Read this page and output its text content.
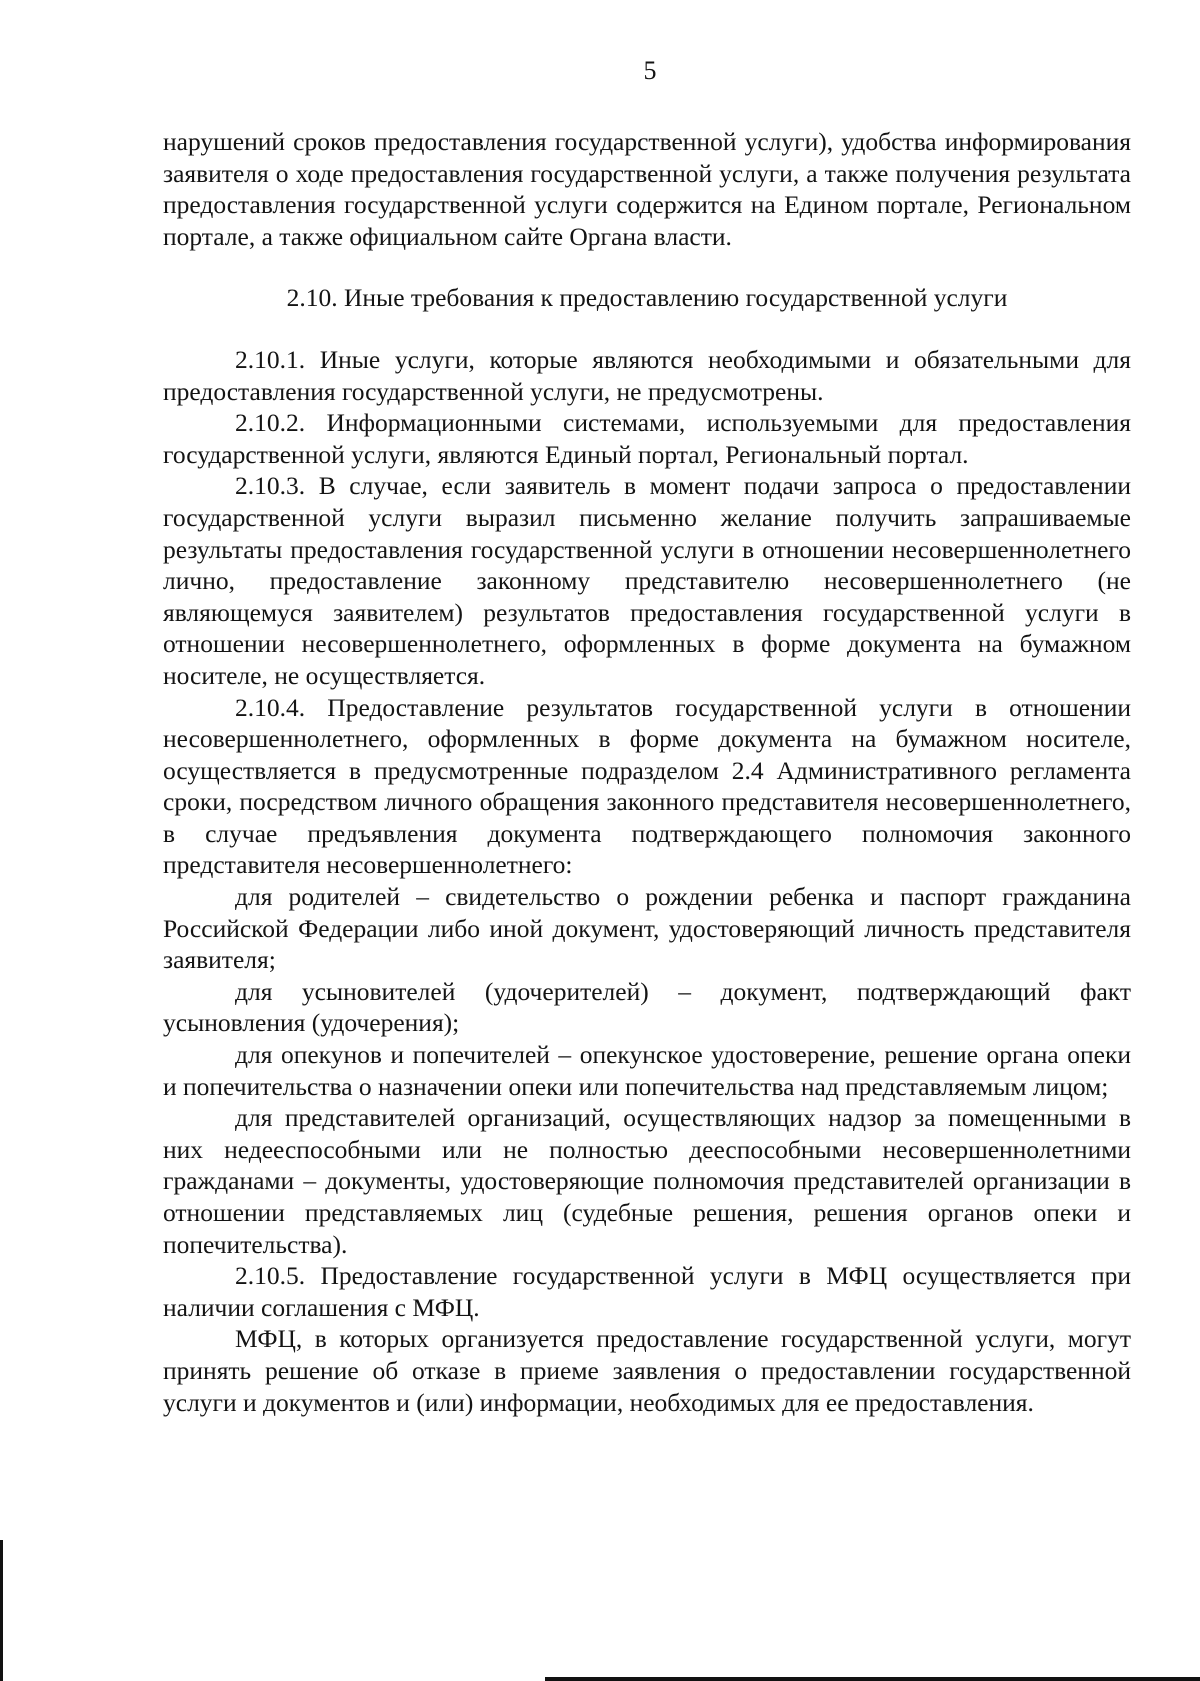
5

нарушений сроков предоставления государственной услуги), удобства информирования заявителя о ходе предоставления государственной услуги, а также получения результата предоставления государственной услуги содержится на Едином портале, Региональном портале, а также официальном сайте Органа власти.

2.10. Иные требования к предоставлению государственной услуги

2.10.1. Иные услуги, которые являются необходимыми и обязательными для предоставления государственной услуги, не предусмотрены.

2.10.2. Информационными системами, используемыми для предоставления государственной услуги, являются Единый портал, Региональный портал.

2.10.3. В случае, если заявитель в момент подачи запроса о предоставлении государственной услуги выразил письменно желание получить запрашиваемые результаты предоставления государственной услуги в отношении несовершеннолетнего лично, предоставление законному представителю несовершеннолетнего (не являющемуся заявителем) результатов предоставления государственной услуги в отношении несовершеннолетнего, оформленных в форме документа на бумажном носителе, не осуществляется.

2.10.4. Предоставление результатов государственной услуги в отношении несовершеннолетнего, оформленных в форме документа на бумажном носителе, осуществляется в предусмотренные подразделом 2.4 Административного регламента сроки, посредством личного обращения законного представителя несовершеннолетнего, в случае предъявления документа подтверждающего полномочия законного представителя несовершеннолетнего:

для родителей – свидетельство о рождении ребенка и паспорт гражданина Российской Федерации либо иной документ, удостоверяющий личность представителя заявителя;

для усыновителей (удочерителей) – документ, подтверждающий факт усыновления (удочерения);

для опекунов и попечителей – опекунское удостоверение, решение органа опеки и попечительства о назначении опеки или попечительства над представляемым лицом;

для представителей организаций, осуществляющих надзор за помещенными в них недееспособными или не полностью дееспособными несовершеннолетними гражданами – документы, удостоверяющие полномочия представителей организации в отношении представляемых лиц (судебные решения, решения органов опеки и попечительства).

2.10.5. Предоставление государственной услуги в МФЦ осуществляется при наличии соглашения с МФЦ.

МФЦ, в которых организуется предоставление государственной услуги, могут принять решение об отказе в приеме заявления о предоставлении государственной услуги и документов и (или) информации, необходимых для ее предоставления.
